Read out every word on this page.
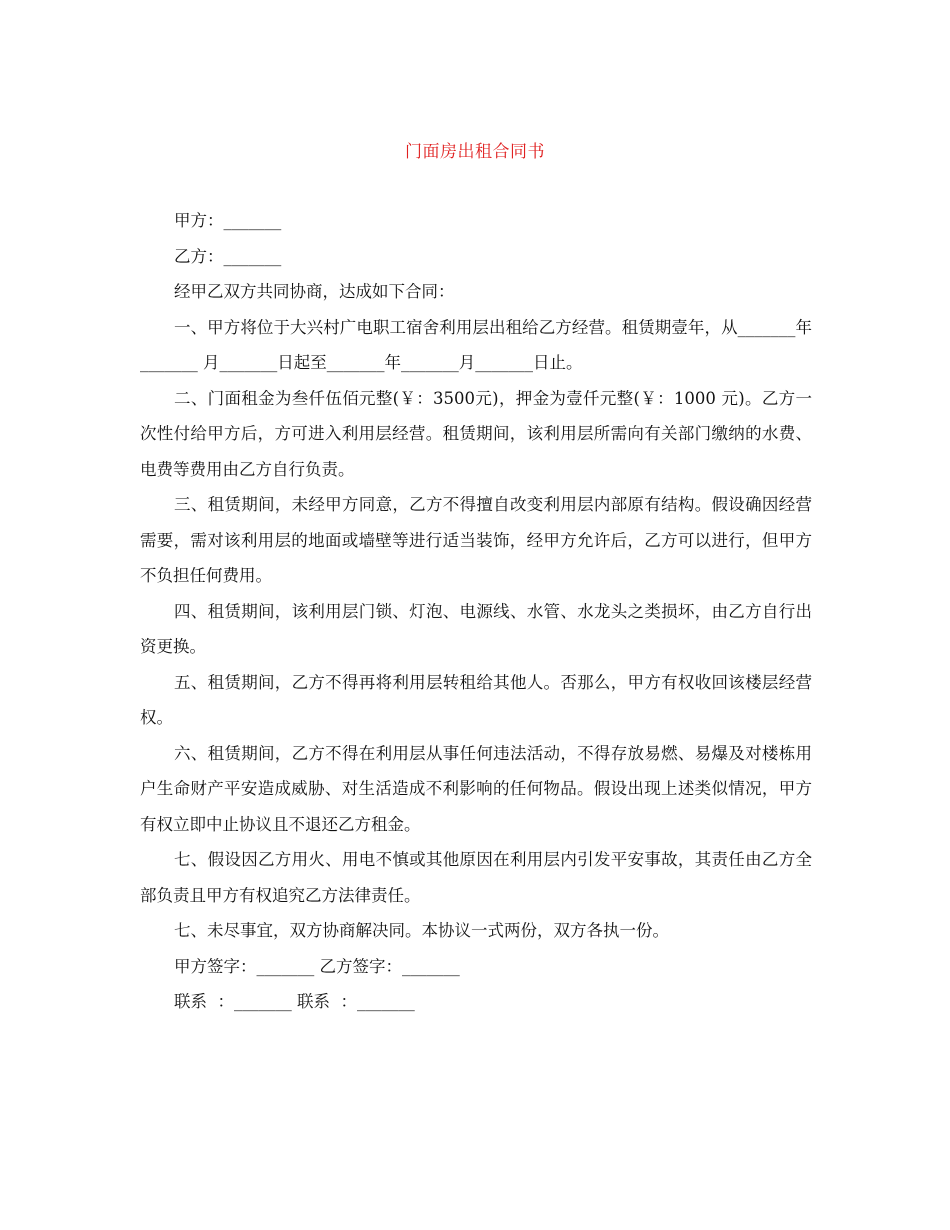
门面房出租合同书

甲方：_______

乙方：_______

经甲乙双方共同协商，达成如下合同：

一、甲方将位于大兴村广电职工宿舍利用层出租给乙方经营。租赁期壹年，从_______年_______ 月_______日起至_______年_______月_______日止。

二、门面租金为叁仟伍佰元整(￥：3500元)，押金为壹仟元整(￥：1000 元)。乙方一次性付给甲方后，方可进入利用层经营。租赁期间，该利用层所需向有关部门缴纳的水费、电费等费用由乙方自行负责。

三、租赁期间，未经甲方同意，乙方不得擅自改变利用层内部原有结构。假设确因经营需要，需对该利用层的地面或墙壁等进行适当装饰，经甲方允许后，乙方可以进行，但甲方不负担任何费用。

四、租赁期间，该利用层门锁、灯泡、电源线、水管、水龙头之类损坏，由乙方自行出资更换。

五、租赁期间，乙方不得再将利用层转租给其他人。否那么，甲方有权收回该楼层经营权。

六、租赁期间，乙方不得在利用层从事任何违法活动，不得存放易燃、易爆及对楼栋用户生命财产平安造成威胁、对生活造成不利影响的任何物品。假设出现上述类似情况，甲方有权立即中止协议且不退还乙方租金。

七、假设因乙方用火、用电不慎或其他原因在利用层内引发平安事故，其责任由乙方全部负责且甲方有权追究乙方法律责任。

七、未尽事宜，双方协商解决同。本协议一式两份，双方各执一份。

甲方签字：_______ 乙方签字：_______

联系  ：_______ 联系  ：_______
